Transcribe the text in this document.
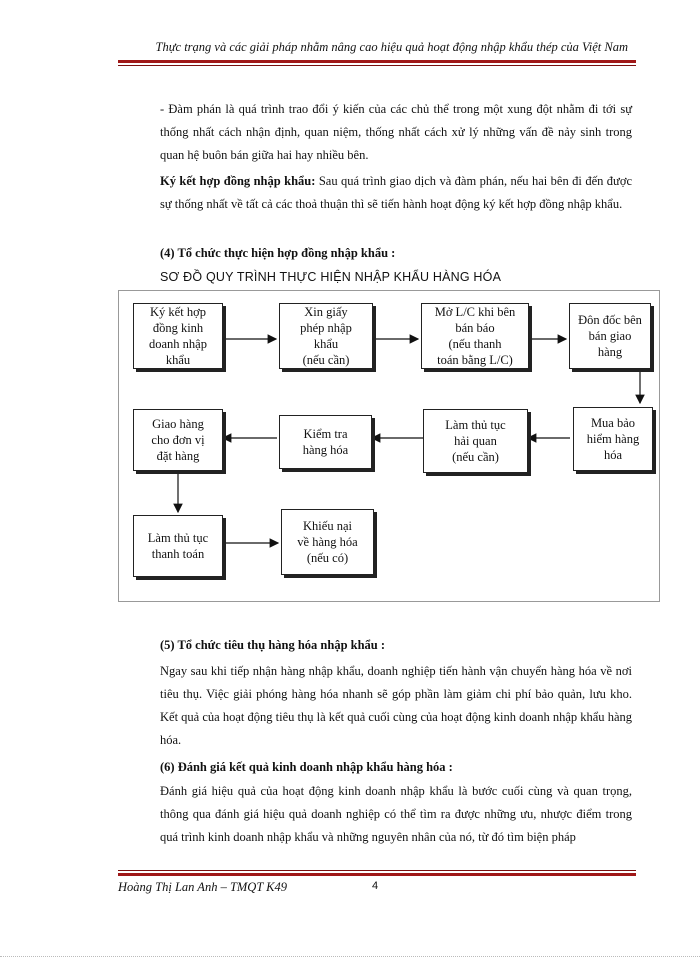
Thực trạng và các giải pháp nhằm nâng cao hiệu quả hoạt động nhập khẩu thép của Việt Nam
- Đàm phán là quá trình trao đổi ý kiến của các chủ thể trong một xung đột nhằm đi tới sự thống nhất cách nhận định, quan niệm, thống nhất cách xử lý những vấn đề nảy sinh trong quan hệ buôn bán giữa hai hay nhiều bên.
Ký kết hợp đồng nhập khẩu: Sau quá trình giao dịch và đàm phán, nếu hai bên đi đến được sự thống nhất về tất cả các thoả thuận thì sẽ tiến hành hoạt động ký kết hợp đồng nhập khẩu.
(4) Tổ chức thực hiện hợp đồng nhập khẩu :
SƠ ĐỒ QUY TRÌNH THỰC HIỆN NHẬP KHẨU HÀNG HÓA
Ký kết hợp
đồng kinh
doanh nhập
khẩu
Xin giấy
phép nhập
khẩu
(nếu cần)
Mở L/C khi bên
bán báo
(nếu thanh
toán bằng L/C)
Đôn đốc bên
bán giao
hàng
Mua bảo
hiểm hàng
hóa
Làm thủ tục
hải quan
(nếu cần)
Kiểm tra
hàng hóa
Giao hàng
cho đơn vị
đặt hàng
Làm thủ tục
thanh toán
Khiếu nại
về hàng hóa
(nếu có)
(5) Tổ chức tiêu thụ hàng hóa nhập khẩu :
Ngay sau khi tiếp nhận hàng nhập khẩu, doanh nghiệp tiến hành vận chuyển hàng hóa về nơi tiêu thụ. Việc giải phóng hàng hóa nhanh sẽ góp phần làm giảm chi phí bảo quản, lưu kho. Kết quả của hoạt động tiêu thụ là kết quả cuối cùng của hoạt động kinh doanh nhập khẩu hàng hóa.
(6) Đánh giá kết quả kinh doanh nhập khẩu hàng hóa :
Đánh giá hiệu quả của hoạt động kinh doanh nhập khẩu là bước cuối cùng và quan trọng, thông qua đánh giá hiệu quả doanh nghiệp có thể tìm ra được những ưu, nhược điểm trong quá trình kinh doanh nhập khẩu và những nguyên nhân của nó, từ đó tìm biện pháp
Hoàng Thị Lan Anh – TMQT K49	4
